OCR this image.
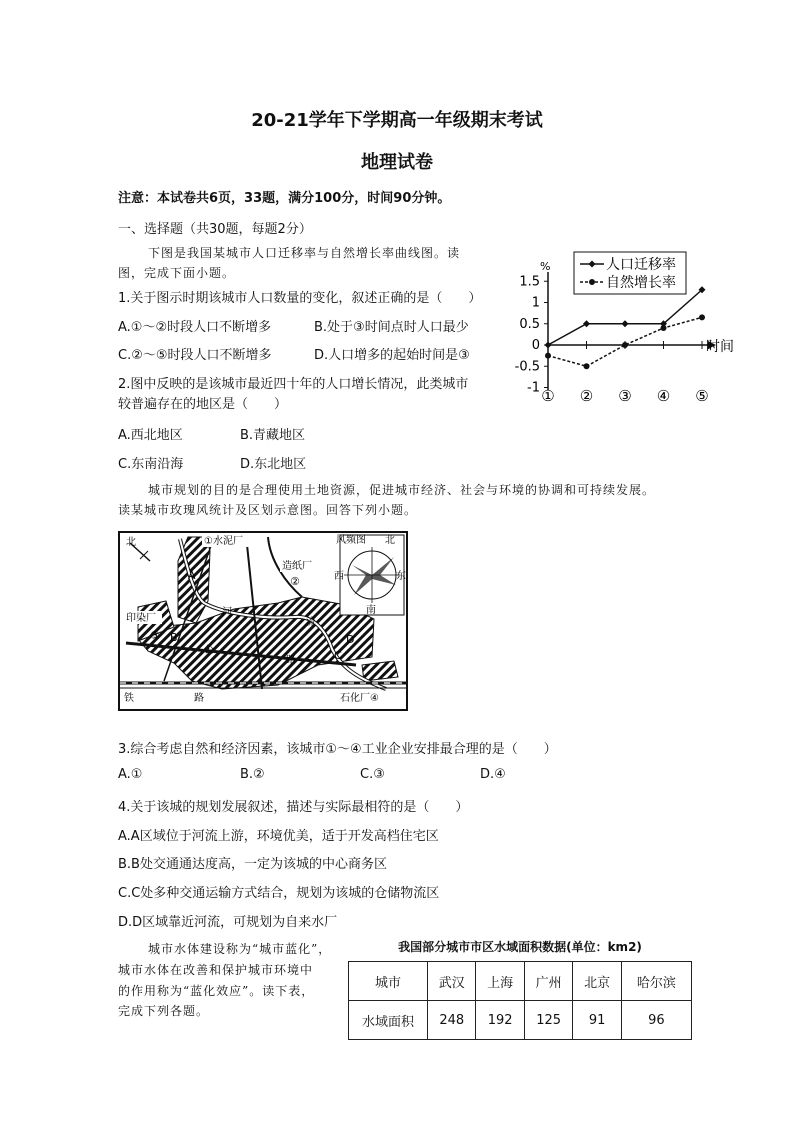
20-21学年下学期高一年级期末考试
地理试卷
注意：本试卷共6页，33题，满分100分，时间90分钟。
一、选择题（共30题，每题2分）
下图是我国某城市人口迁移率与自然增长率曲线图。读
图，完成下面小题。
1.关于图示时期该城市人口数量的变化，叙述正确的是（　　）
A.①～②时段人口不断增多	B.处于③时间点时人口最少
C.②～⑤时段人口不断增多	D.人口增多的起始时间是③
2.图中反映的是该城市最近四十年的人口增长情况，此类城市
较普遍存在的地区是（　　）
A.西北地区	B.青藏地区
C.东南沿海	D.东北地区
%
1.5
1
0.5
0
-0.5
-1
时间
① ② ③ ④ ⑤
人口迁移率
自然增长率
城市规划的目的是合理使用土地资源，促进城市经济、社会与环境的协调和可持续发展。
读某城市玫瑰风统计及区划示意图。回答下列小题。
北	风频图 北
西	东
南
①水泥厂
造纸厂
②
印染厂
③
石化厂④
A
B
C
D
河
流
公
路
铁	路
3.综合考虑自然和经济因素，该城市①～④工业企业安排最合理的是（　　）
A.①	B.②	C.③	D.④
4.关于该城的规划发展叙述，描述与实际最相符的是（　　）
A.A区域位于河流上游，环境优美，适于开发高档住宅区
B.B处交通通达度高，一定为该城的中心商务区
C.C处多种交通运输方式结合，规划为该城的仓储物流区
D.D区域靠近河流，可规划为自来水厂
城市水体建设称为“城市蓝化”，
城市水体在改善和保护城市环境中
的作用称为“蓝化效应”。读下表，
完成下列各题。
我国部分城市市区水域面积数据(单位：km2)
城市	武汉	上海	广州	北京	哈尔滨
水域面积	248	192	125	91	96
